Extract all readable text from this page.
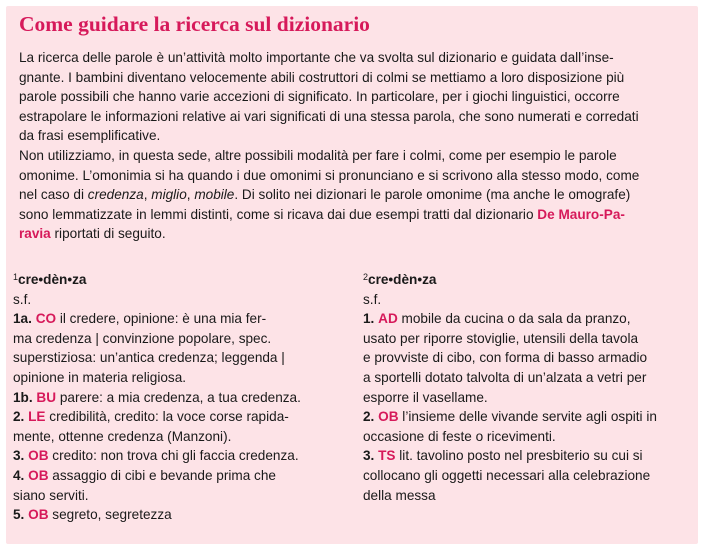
Come guidare la ricerca sul dizionario

La ricerca delle parole è un’attività molto importante che va svolta sul dizionario e guidata dall’inse-
gnante. I bambini diventano velocemente abili costruttori di colmi se mettiamo a loro disposizione più
parole possibili che hanno varie accezioni di significato. In particolare, per i giochi linguistici, occorre
estrapolare le informazioni relative ai vari significati di una stessa parola, che sono numerati e corredati
da frasi esemplificative.

Non utilizziamo, in questa sede, altre possibili modalità per fare i colmi, come per esempio le parole
omonime. L’omonimia si ha quando i due omonimi si pronunciano e si scrivono alla stesso modo, come
nel caso di credenza, miglio, mobile. Di solito nei dizionari le parole omonime (ma anche le omografe)
sono lemmatizzate in lemmi distinti, come si ricava dai due esempi tratti dal dizionario De Mauro-Pa-
ravia riportati di seguito.

$^1$cre•dèn•za
s.f.
1a. CO il credere, opinione: è una mia fer-
ma credenza | convinzione popolare, spec.
superstiziosa: un’antica credenza; leggenda |
opinione in materia religiosa.
1b. BU parere: a mia credenza, a tua credenza.
2. LE credibilità, credito: la voce corse rapida-
mente, ottenne credenza (Manzoni).
3. OB credito: non trova chi gli faccia credenza.
4. OB assaggio di cibi e bevande prima che
siano serviti.
5. OB segreto, segretezza
$^2$cre•dèn•za
s.f.
1. AD mobile da cucina o da sala da pranzo,
usato per riporre stoviglie, utensili della tavola
e provviste di cibo, con forma di basso armadio
a sportelli dotato talvolta di un’alzata a vetri per
esporre il vasellame.
2. OB l’insieme delle vivande servite agli ospiti in
occasione di feste o ricevimenti.
3. TS lit. tavolino posto nel presbiterio su cui si
collocano gli oggetti necessari alla celebrazione
della messa
